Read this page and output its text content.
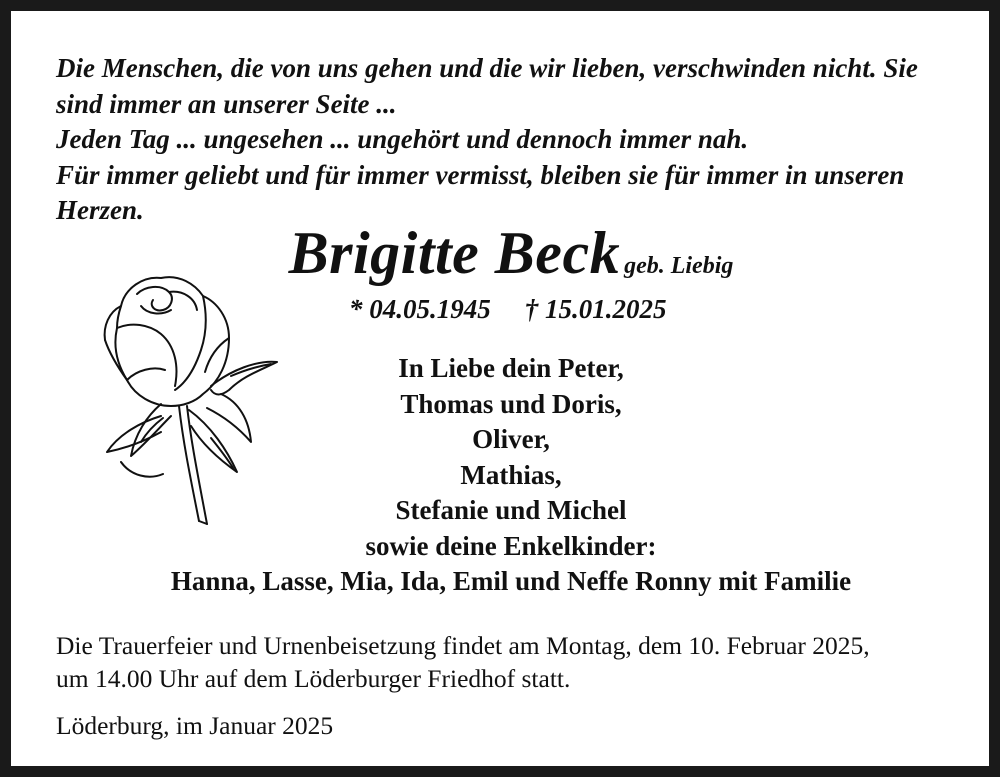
Die Menschen, die von uns gehen und die wir lieben, verschwinden nicht. Sie
sind immer an unserer Seite ...
Jeden Tag ... ungesehen ... ungehört und dennoch immer nah.
Für immer geliebt und für immer vermisst, bleiben sie für immer in unseren
Herzen.
Brigitte Beck geb. Liebig
* 04.05.1945 † 15.01.2025
In Liebe dein Peter,
Thomas und Doris,
Oliver,
Mathias,
Stefanie und Michel
sowie deine Enkelkinder:
Hanna, Lasse, Mia, Ida, Emil und Neffe Ronny mit Familie
Die Trauerfeier und Urnenbeisetzung findet am Montag, dem 10. Februar 2025,
um 14.00 Uhr auf dem Löderburger Friedhof statt.
Löderburg, im Januar 2025
